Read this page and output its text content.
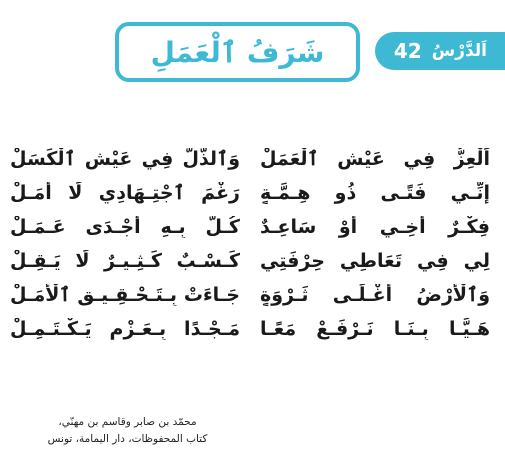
شَرَفُ ٱلْعَمَلِ	اَلدَّرْسُ
42
اَلْعِزُّ فِي عَيْشِ ٱلْعَمَلْ
وَٱلذُّلُّ فِي عَيْشِ ٱلْكَسَلْ
إِنِّـي فَتًـى ذُو هِـمَّـةٍ
رَغْمَ ٱجْتِـهَادِي لَا أَمَـلْ
فِكْـرٌ أَخِـي أَوْ سَاعِـدٌ
كُـلٌّ بِـهِ أَجْـدَى عَـمَـلْ
لِي فِي تَعَاطِي حِرْفَتِي
كَـسْـبٌ كَـثِـيـرٌ لَا يَـقِـلْ
وَٱلْأَرْضُ أَغْـلَـى ثَـرْوَةٍ
جَـاءَتْ بِـتَـحْـقِـيـقِ ٱلْأَمَـلْ
هَـيَّـا بِـنَـا نَـرْفَـعْ مَعًـا
مَـجْـدًا بِـعَـزْمٍ يَـكْـتَـمِـلْ
محمّد بن صابر وقاسم بن مهنّي،
كتاب المحفوظات، دار اليمامة، تونس
